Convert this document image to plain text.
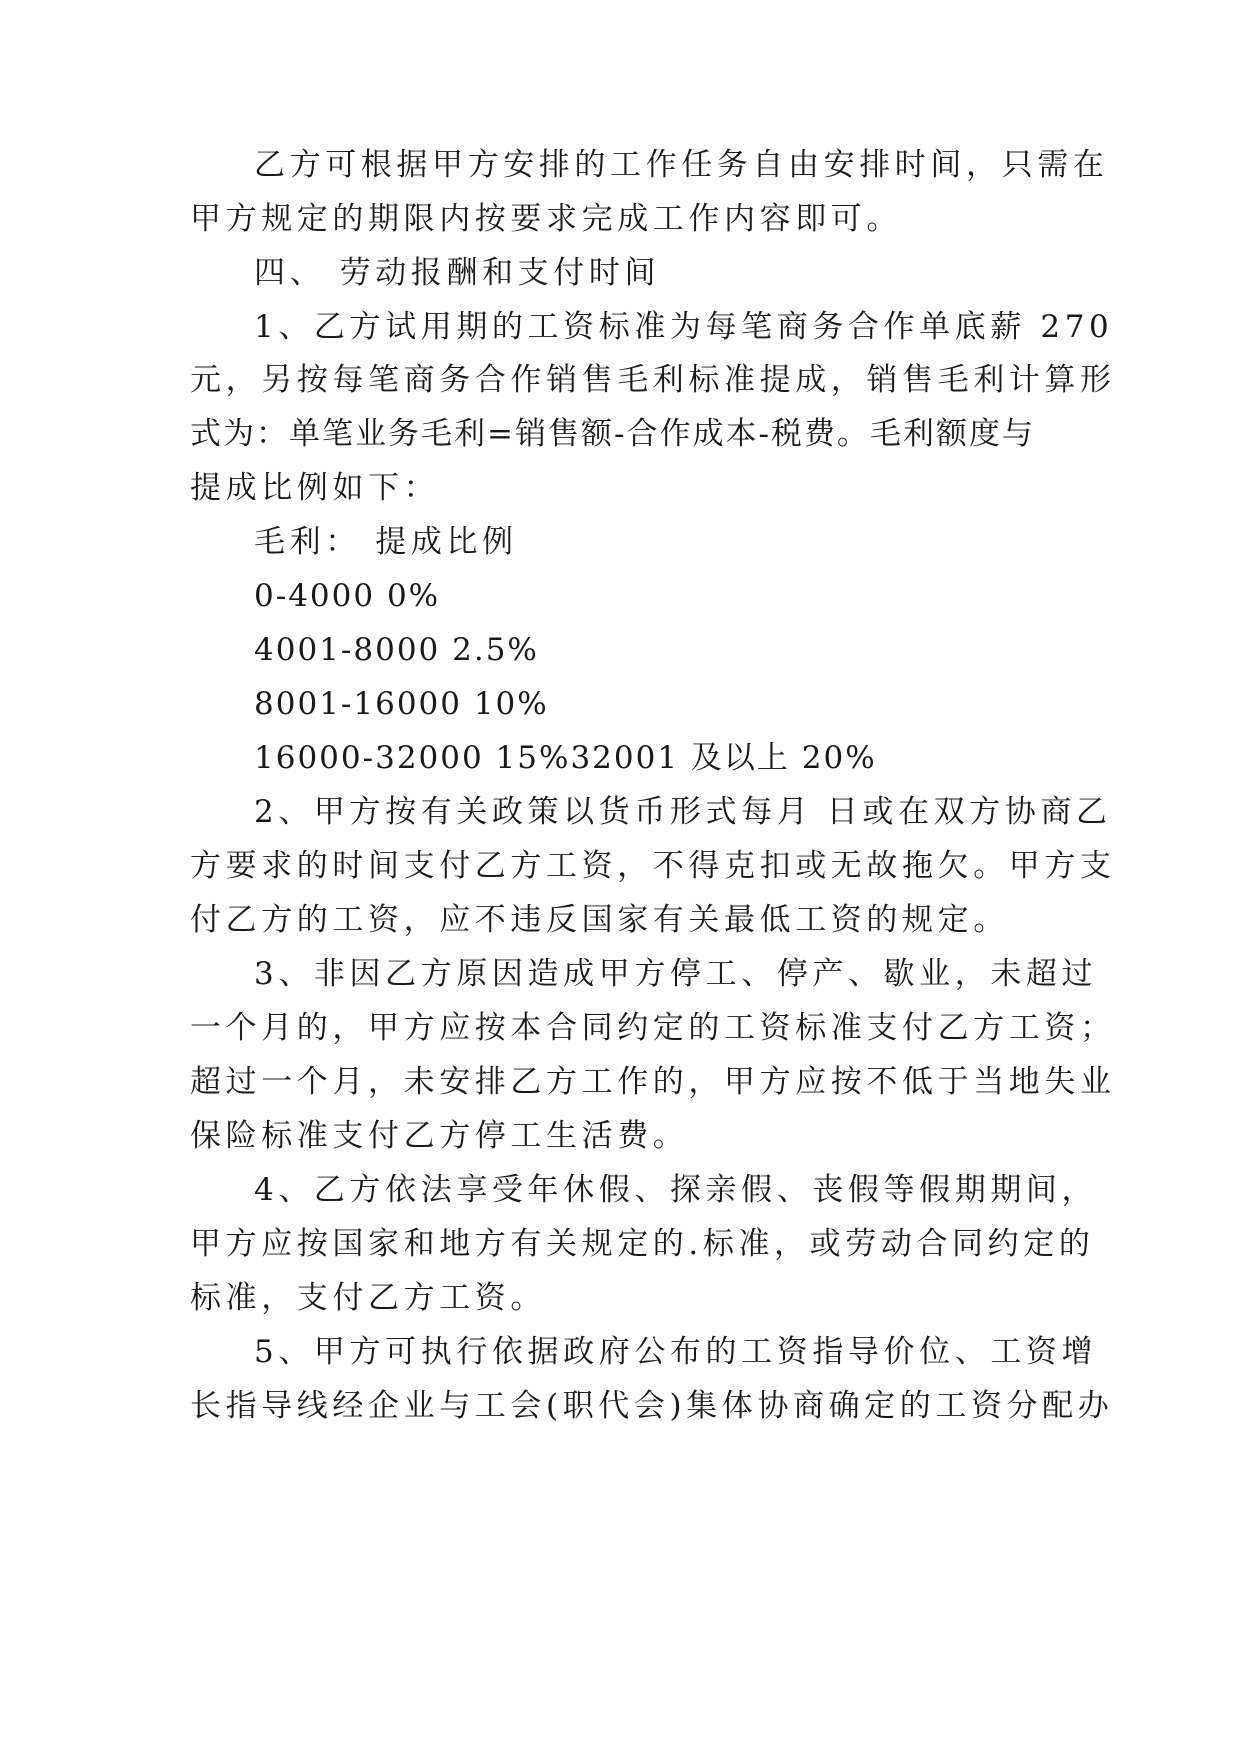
乙方可根据甲方安排的工作任务自由安排时间，只需在
甲方规定的期限内按要求完成工作内容即可。
四、 劳动报酬和支付时间
1、乙方试用期的工资标准为每笔商务合作单底薪 270
元，另按每笔商务合作销售毛利标准提成，销售毛利计算形
式为：单笔业务毛利=销售额-合作成本-税费。毛利额度与
提成比例如下：
毛利： 提成比例
0-4000 0%
4001-8000 2.5%
8001-16000 10%
16000-32000 15%32001 及以上 20%
2、甲方按有关政策以货币形式每月 日或在双方协商乙
方要求的时间支付乙方工资，不得克扣或无故拖欠。甲方支
付乙方的工资，应不违反国家有关最低工资的规定。
3、非因乙方原因造成甲方停工、停产、歇业，未超过
一个月的，甲方应按本合同约定的工资标准支付乙方工资；
超过一个月，未安排乙方工作的，甲方应按不低于当地失业
保险标准支付乙方停工生活费。
4、乙方依法享受年休假、探亲假、丧假等假期期间，
甲方应按国家和地方有关规定的.标准，或劳动合同约定的
标准，支付乙方工资。
5、甲方可执行依据政府公布的工资指导价位、工资增
长指导线经企业与工会(职代会)集体协商确定的工资分配办
